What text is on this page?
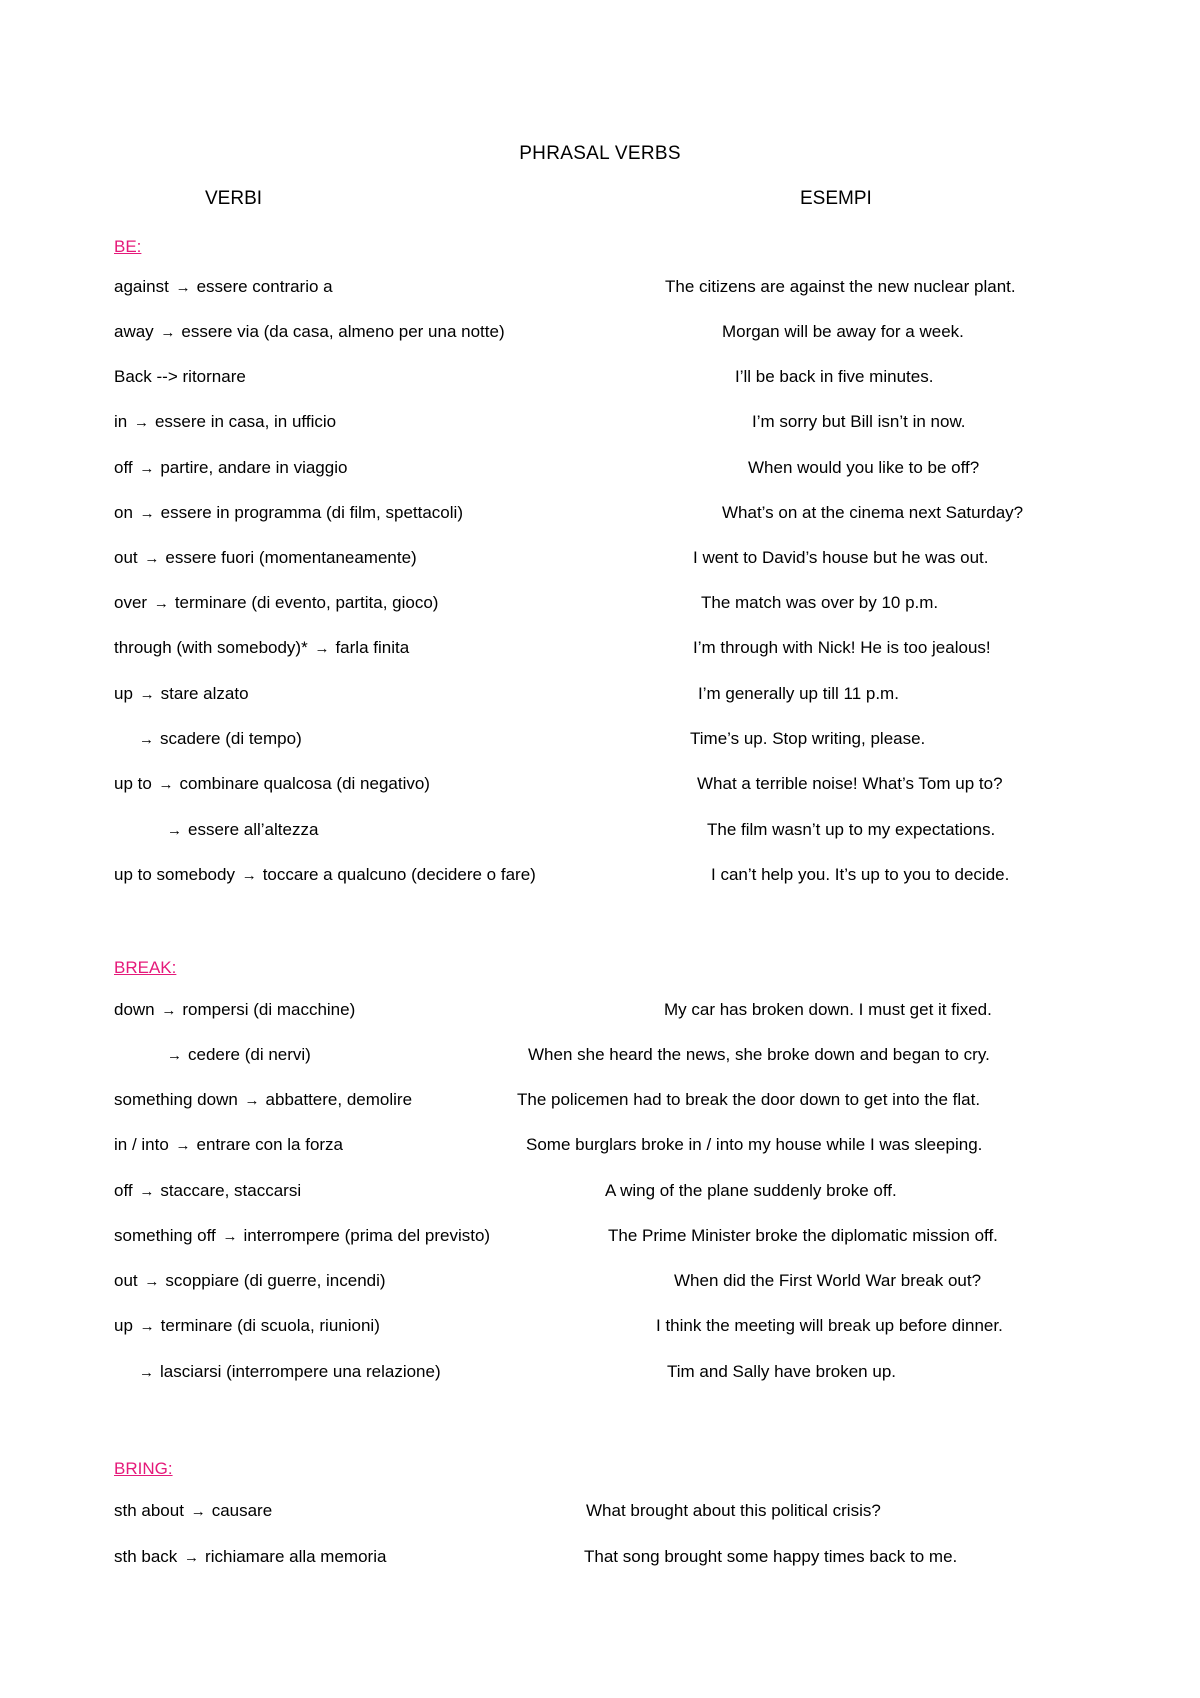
PHRASAL VERBS
VERBI	ESEMPI
BE:
against → essere contrario a	The citizens are against the new nuclear plant.
away → essere via (da casa, almeno per una notte)	Morgan will be away for a week.
Back --> ritornare	I’ll be back in five minutes.
in → essere in casa, in ufficio	I’m sorry but Bill isn’t in now.
off → partire, andare in viaggio	When would you like to be off?
on → essere in programma (di film, spettacoli)	What’s on at the cinema next Saturday?
out → essere fuori (momentaneamente)	I went to David’s house but he was out.
over → terminare (di evento, partita, gioco)	The match was over by 10 p.m.
through (with somebody)* → farla finita	I’m through with Nick! He is too jealous!
up → stare alzato	I’m generally up till 11 p.m.
→ scadere (di tempo)	Time’s up. Stop writing, please.
up to → combinare qualcosa (di negativo)	What a terrible noise! What’s Tom up to?
→ essere all’altezza	The film wasn’t up to my expectations.
up to somebody → toccare a qualcuno (decidere o fare)	I can’t help you. It’s up to you to decide.
BREAK:
down → rompersi (di macchine)	My car has broken down. I must get it fixed.
→ cedere (di nervi)	When she heard the news, she broke down and began to cry.
something down → abbattere, demolire	The policemen had to break the door down to get into the flat.
in / into → entrare con la forza	Some burglars broke in / into my house while I was sleeping.
off → staccare, staccarsi	A wing of the plane suddenly broke off.
something off → interrompere (prima del previsto)	The Prime Minister broke the diplomatic mission off.
out → scoppiare (di guerre, incendi)	When did the First World War break out?
up → terminare (di scuola, riunioni)	I think the meeting will break up before dinner.
→ lasciarsi (interrompere una relazione)	Tim and Sally have broken up.
BRING:
sth about → causare	What brought about this political crisis?
sth back → richiamare alla memoria	That song brought some happy times back to me.
